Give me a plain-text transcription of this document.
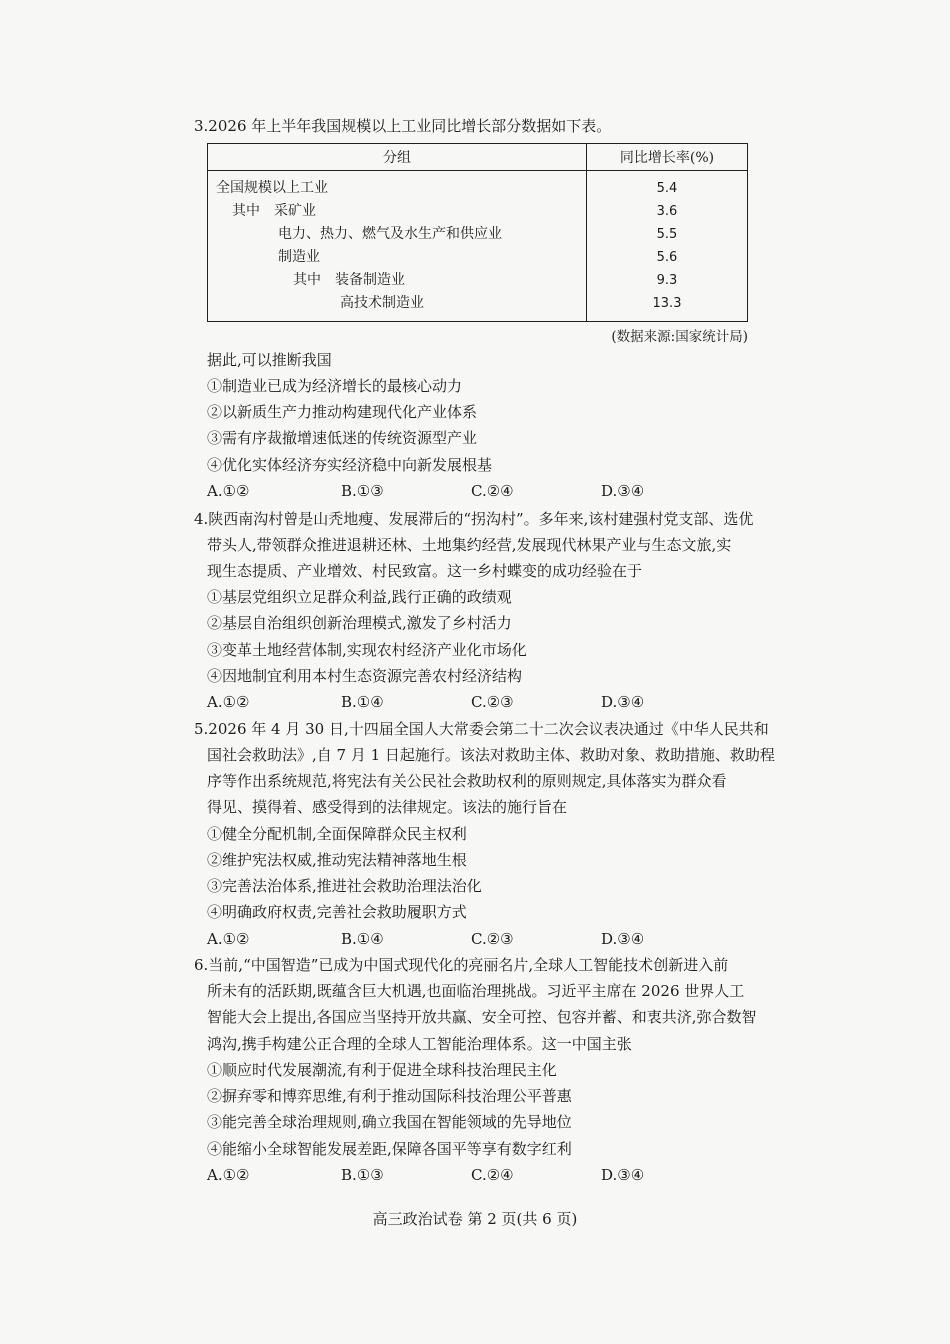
3.2026 年上半年我国规模以上工业同比增长部分数据如下表。
分组	同比增长率(%)
全国规模以上工业	5.4
其中　采矿业	3.6
电力、热力、燃气及水生产和供应业	5.5
制造业	5.6
其中　装备制造业	9.3
高技术制造业	13.3
(数据来源:国家统计局)
据此,可以推断我国
①制造业已成为经济增长的最核心动力
②以新质生产力推动构建现代化产业体系
③需有序裁撤增速低迷的传统资源型产业
④优化实体经济夯实经济稳中向新发展根基
A.①②	B.①③	C.②④	D.③④
4.陕西南沟村曾是山秃地瘦、发展滞后的“拐沟村”。多年来,该村建强村党支部、选优
带头人,带领群众推进退耕还林、土地集约经营,发展现代林果产业与生态文旅,实
现生态提质、产业增效、村民致富。这一乡村蝶变的成功经验在于
①基层党组织立足群众利益,践行正确的政绩观
②基层自治组织创新治理模式,激发了乡村活力
③变革土地经营体制,实现农村经济产业化市场化
④因地制宜利用本村生态资源完善农村经济结构
A.①②	B.①④	C.②③	D.③④
5.2026 年 4 月 30 日,十四届全国人大常委会第二十二次会议表决通过《中华人民共和
国社会救助法》,自 7 月 1 日起施行。该法对救助主体、救助对象、救助措施、救助程
序等作出系统规范,将宪法有关公民社会救助权利的原则规定,具体落实为群众看
得见、摸得着、感受得到的法律规定。该法的施行旨在
①健全分配机制,全面保障群众民主权利
②维护宪法权威,推动宪法精神落地生根
③完善法治体系,推进社会救助治理法治化
④明确政府权责,完善社会救助履职方式
A.①②	B.①④	C.②③	D.③④
6.当前,“中国智造”已成为中国式现代化的亮丽名片,全球人工智能技术创新进入前
所未有的活跃期,既蕴含巨大机遇,也面临治理挑战。习近平主席在 2026 世界人工
智能大会上提出,各国应当坚持开放共赢、安全可控、包容并蓄、和衷共济,弥合数智
鸿沟,携手构建公正合理的全球人工智能治理体系。这一中国主张
①顺应时代发展潮流,有利于促进全球科技治理民主化
②摒弃零和博弈思维,有利于推动国际科技治理公平普惠
③能完善全球治理规则,确立我国在智能领域的先导地位
④能缩小全球智能发展差距,保障各国平等享有数字红利
A.①②	B.①③	C.②④	D.③④
高三政治试卷 第 2 页(共 6 页)
